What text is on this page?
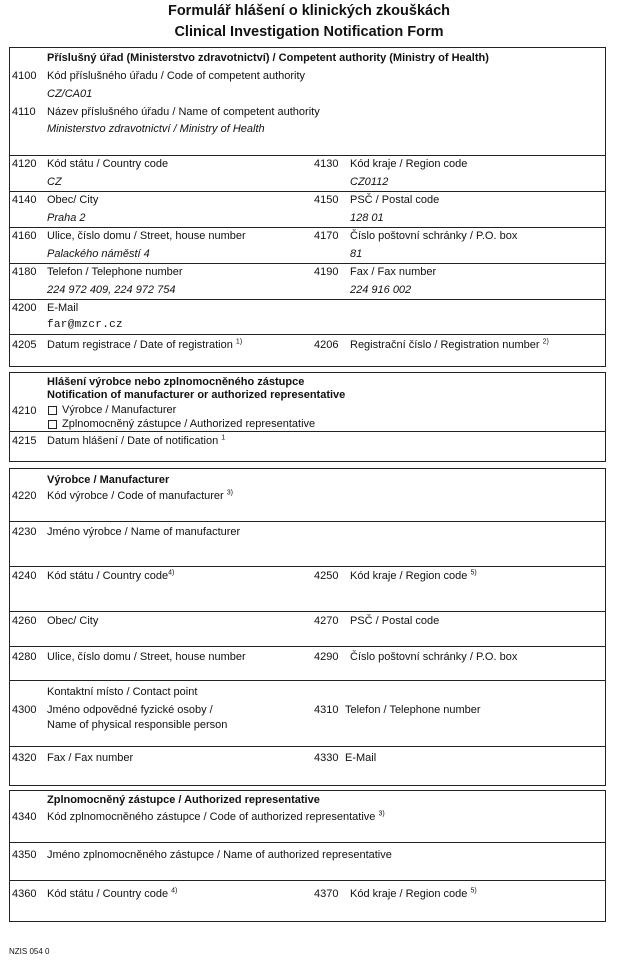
Formulář hlášení o klinických zkouškách
Clinical Investigation Notification Form
Příslušný úřad (Ministerstvo zdravotnictví) / Competent authority (Ministry of Health)
4100 Kód příslušného úřadu / Code of competent authority
CZ/CA01
4110 Název příslušného úřadu / Name of competent authority
Ministerstvo zdravotnictví / Ministry of Health
4120 Kód státu / Country code
CZ
4130 Kód kraje / Region code
CZ0112
4140 Obec/ City
Praha 2
4150 PSČ / Postal code
128 01
4160 Ulice, číslo domu / Street, house number
Palackého náměstí 4
4170 Číslo poštovní schránky / P.O. box
81
4180 Telefon / Telephone number
224 972 409, 224 972 754
4190 Fax / Fax number
224 916 002
4200 E-Mail
far@mzcr.cz
4205 Datum registrace / Date of registration $^{1)}$	4206 Registrační číslo / Registration number $^{2)}$
Hlášení výrobce nebo zplnomocněného zástupce
Notification of manufacturer or authorized representative
4210 Výrobce / Manufacturer
Zplnomocněný zástupce / Authorized representative
4215 Datum hlášení / Date of notification $^1$
Výrobce / Manufacturer
4220 Kód výrobce / Code of manufacturer $^{3)}$
4230 Jméno výrobce / Name of manufacturer
4240 Kód státu / Country code$^{4)}$	4250 Kód kraje / Region code $^{5)}$
4260 Obec/ City	4270 PSČ / Postal code
4280 Ulice, číslo domu / Street, house number	4290 Číslo poštovní schránky / P.O. box
Kontaktní místo / Contact point
4300 Jméno odpovědné fyzické osoby /
Name of physical responsible person
4310 Telefon / Telephone number
4320 Fax / Fax number	4330 E-Mail
Zplnomocněný zástupce / Authorized representative
4340 Kód zplnomocněného zástupce / Code of authorized representative $^{3)}$
4350 Jméno zplnomocněného zástupce / Name of authorized representative
4360 Kód státu / Country code $^{4)}$	4370 Kód kraje / Region code $^{5)}$
NZIS 054 0
